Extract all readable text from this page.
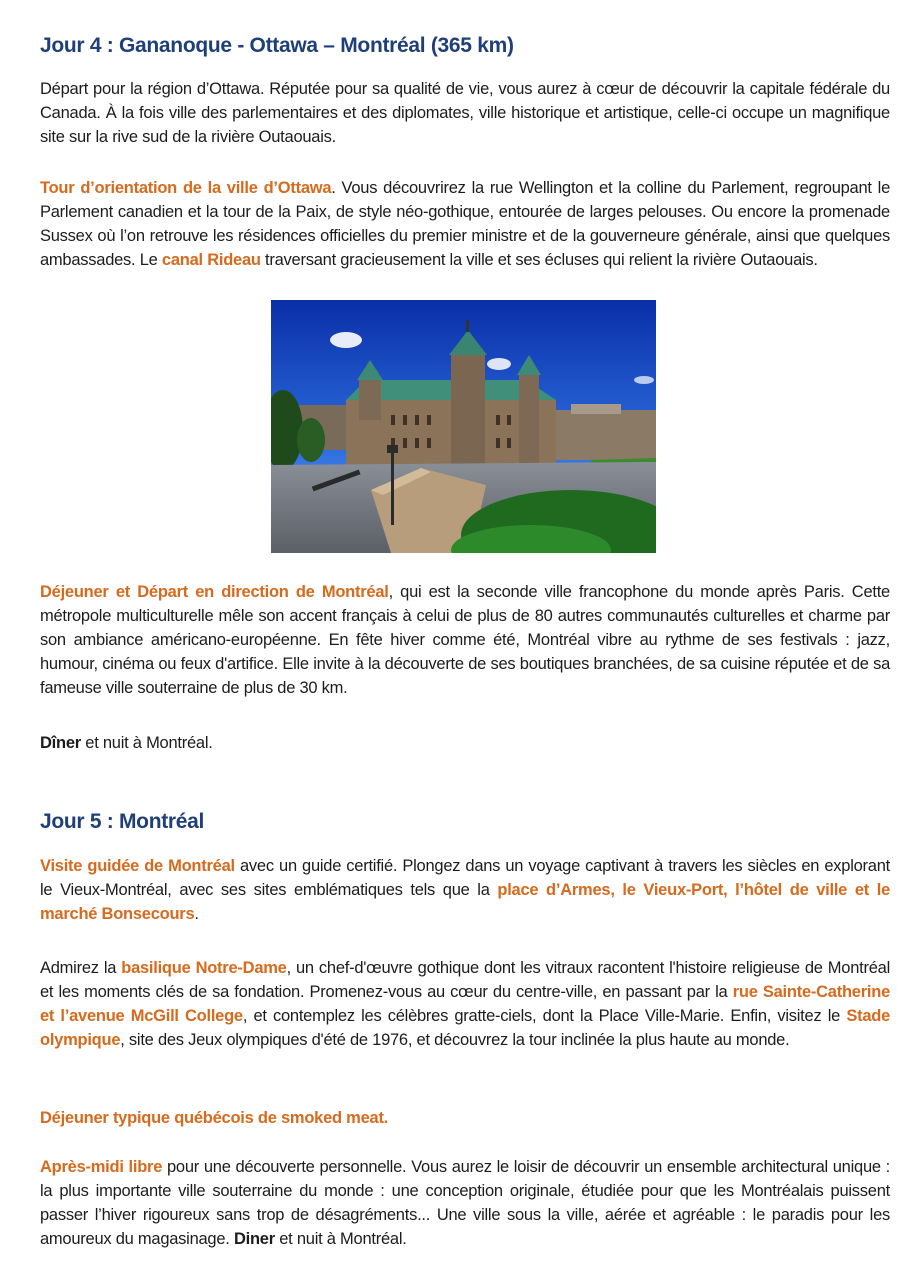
Jour 4 : Gananoque - Ottawa – Montréal (365 km)

Départ pour la région d’Ottawa. Réputée pour sa qualité de vie, vous aurez à cœur de découvrir la capitale fédérale du Canada. À la fois ville des parlementaires et des diplomates, ville historique et artistique, celle-ci occupe un magnifique site sur la rive sud de la rivière Outaouais.

Tour d’orientation de la ville d’Ottawa. Vous découvrirez la rue Wellington et la colline du Parlement, regroupant le Parlement canadien et la tour de la Paix, de style néo-gothique, entourée de larges pelouses. Ou encore la promenade Sussex où l’on retrouve les résidences officielles du premier ministre et de la gouverneure générale, ainsi que quelques ambassades. Le canal Rideau traversant gracieusement la ville et ses écluses qui relient la rivière Outaouais.

Déjeuner et Départ en direction de Montréal, qui est la seconde ville francophone du monde après Paris. Cette métropole multiculturelle mêle son accent français à celui de plus de 80 autres communautés culturelles et charme par son ambiance américano-européenne. En fête hiver comme été, Montréal vibre au rythme de ses festivals : jazz, humour, cinéma ou feux d'artifice. Elle invite à la découverte de ses boutiques branchées, de sa cuisine réputée et de sa fameuse ville souterraine de plus de 30 km.

Dîner et nuit à Montréal.

Jour 5 : Montréal

Visite guidée de Montréal avec un guide certifié. Plongez dans un voyage captivant à travers les siècles en explorant le Vieux-Montréal, avec ses sites emblématiques tels que la place d’Armes, le Vieux-Port, l’hôtel de ville et le marché Bonsecours.

Admirez la basilique Notre-Dame, un chef-d'œuvre gothique dont les vitraux racontent l'histoire religieuse de Montréal et les moments clés de sa fondation. Promenez-vous au cœur du centre-ville, en passant par la rue Sainte-Catherine et l’avenue McGill College, et contemplez les célèbres gratte-ciels, dont la Place Ville-Marie. Enfin, visitez le Stade olympique, site des Jeux olympiques d'été de 1976, et découvrez la tour inclinée la plus haute au monde.

Déjeuner typique québécois de smoked meat.

Après-midi libre pour une découverte personnelle. Vous aurez le loisir de découvrir un ensemble architectural unique : la plus importante ville souterraine du monde : une conception originale, étudiée pour que les Montréalais puissent passer l’hiver rigoureux sans trop de désagréments... Une ville sous la ville, aérée et agréable : le paradis pour les amoureux du magasinage. Diner et nuit à Montréal.
